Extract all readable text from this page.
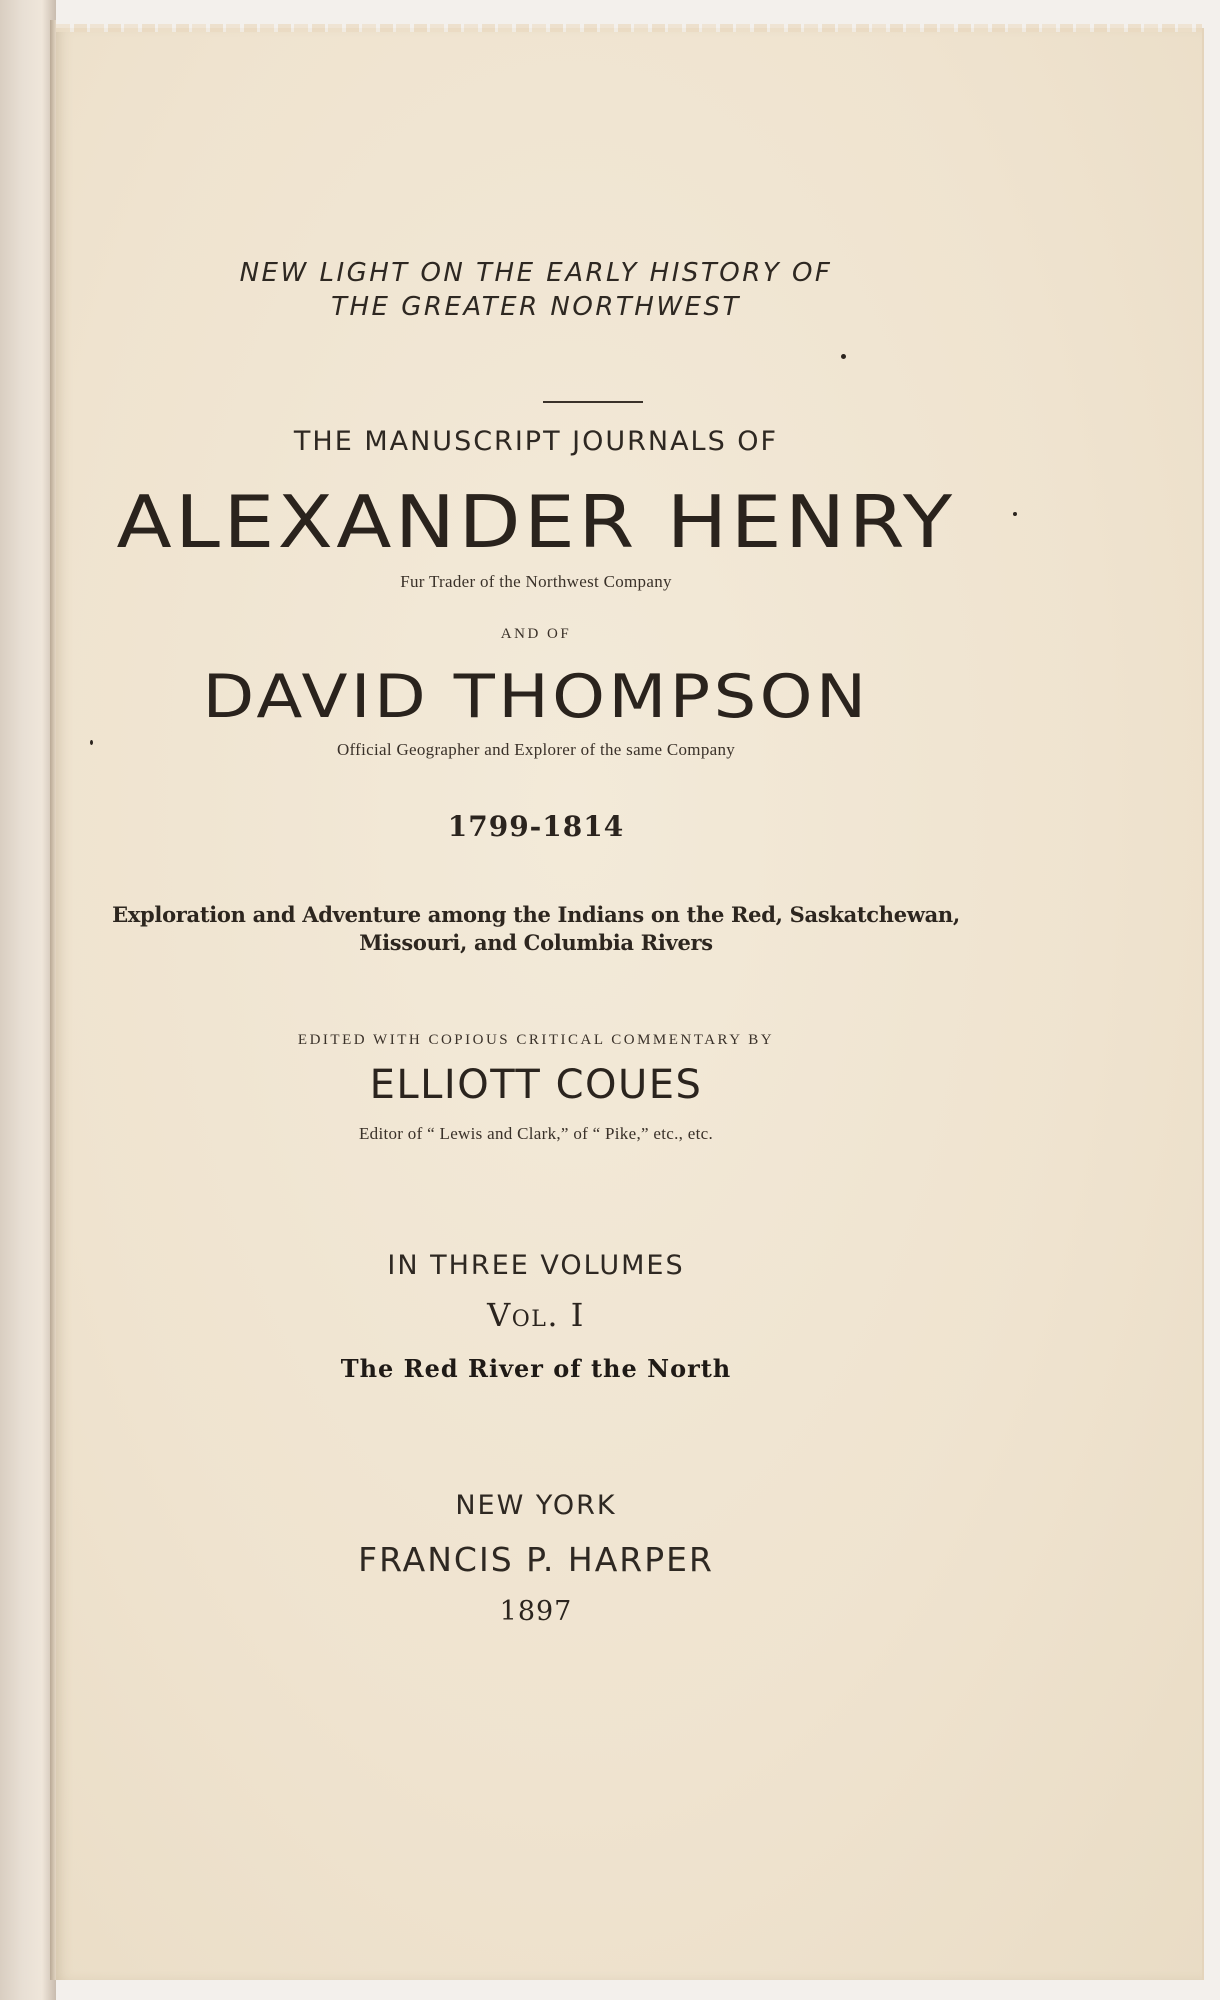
NEW LIGHT ON THE EARLY HISTORY OF
THE GREATER NORTHWEST
THE MANUSCRIPT JOURNALS OF
ALEXANDER HENRY
Fur Trader of the Northwest Company
AND OF
DAVID THOMPSON
Official Geographer and Explorer of the same Company
1799-1814
Exploration and Adventure among the Indians on the Red, Saskatchewan,
Missouri, and Columbia Rivers
EDITED WITH COPIOUS CRITICAL COMMENTARY BY
ELLIOTT COUES
Editor of “ Lewis and Clark,” of “ Pike,” etc., etc.
IN THREE VOLUMES
Vol. I
The Red River of the North
NEW YORK
FRANCIS P. HARPER
1897
